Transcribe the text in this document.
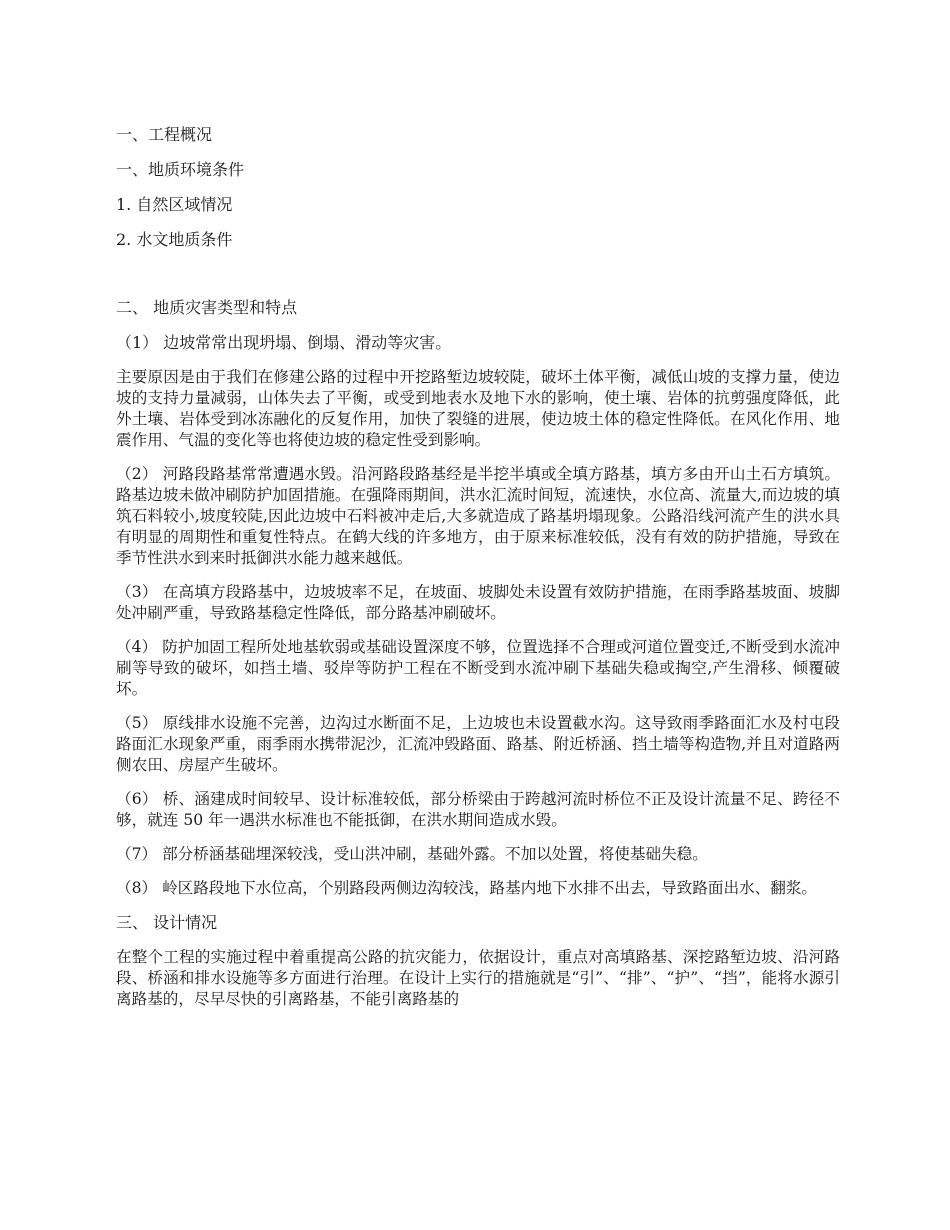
一、工程概况
一、地质环境条件
1. 自然区域情况
2. 水文地质条件
二、 地质灾害类型和特点
（1） 边坡常常出现坍塌、倒塌、滑动等灾害。

主要原因是由于我们在修建公路的过程中开挖路堑边坡较陡，破坏土体平衡，减低山坡的支撑力量，使边坡的支持力量减弱，山体失去了平衡，或受到地表水及地下水的影响，使土壤、岩体的抗剪强度降低，此外土壤、岩体受到冰冻融化的反复作用，加快了裂缝的进展，使边坡土体的稳定性降低。在风化作用、地震作用、气温的变化等也将使边坡的稳定性受到影响。

（2） 河路段路基常常遭遇水毁。沿河路段路基经是半挖半填或全填方路基，填方多由开山土石方填筑。路基边坡未做冲刷防护加固措施。在强降雨期间，洪水汇流时间短，流速快，水位高、流量大,而边坡的填筑石料较小,坡度较陡,因此边坡中石料被冲走后,大多就造成了路基坍塌现象。公路沿线河流产生的洪水具有明显的周期性和重复性特点。在鹤大线的许多地方，由于原来标准较低，没有有效的防护措施，导致在季节性洪水到来时抵御洪水能力越来越低。

（3） 在高填方段路基中，边坡坡率不足，在坡面、坡脚处未设置有效防护措施，在雨季路基坡面、坡脚处冲刷严重，导致路基稳定性降低，部分路基冲刷破坏。

（4） 防护加固工程所处地基软弱或基础设置深度不够，位置选择不合理或河道位置变迁,不断受到水流冲刷等导致的破坏，如挡土墙、驳岸等防护工程在不断受到水流冲刷下基础失稳或掏空,产生滑移、倾覆破坏。

（5） 原线排水设施不完善，边沟过水断面不足，上边坡也未设置截水沟。这导致雨季路面汇水及村屯段路面汇水现象严重，雨季雨水携带泥沙，汇流冲毁路面、路基、附近桥涵、挡土墙等构造物,并且对道路两侧农田、房屋产生破坏。

（6） 桥、涵建成时间较早、设计标准较低，部分桥梁由于跨越河流时桥位不正及设计流量不足、跨径不够，就连 50 年一遇洪水标准也不能抵御，在洪水期间造成水毁。

（7） 部分桥涵基础埋深较浅，受山洪冲刷，基础外露。不加以处置，将使基础失稳。

（8） 岭区路段地下水位高，个别路段两侧边沟较浅，路基内地下水排不出去，导致路面出水、翻浆。

三、 设计情况

在整个工程的实施过程中着重提高公路的抗灾能力，依据设计，重点对高填路基、深挖路堑边坡、沿河路段、桥涵和排水设施等多方面进行治理。在设计上实行的措施就是“引”、“排”、“护”、“挡”，能将水源引离路基的，尽早尽快的引离路基，不能引离路基的
